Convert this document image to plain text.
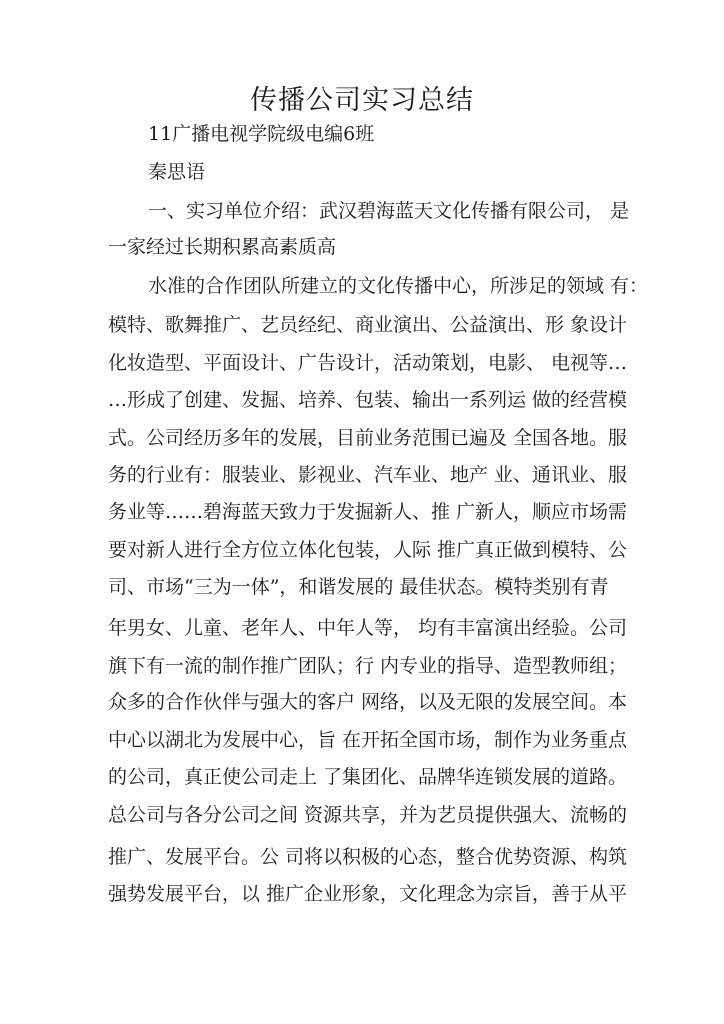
传播公司实习总结
11广播电视学院级电编6班
秦思语
一、实习单位介绍：武汉碧海蓝天文化传播有限公司， 是
一家经过长期积累高素质高
水准的合作团队所建立的文化传播中心，所涉足的领域 有：
模特、歌舞推广、艺员经纪、商业演出、公益演出、形 象设计
化妆造型、平面设计、广告设计，活动策划，电影、 电视等…
…形成了创建、发掘、培养、包装、输出一系列运 做的经营模
式。公司经历多年的发展，目前业务范围已遍及 全国各地。服
务的行业有：服装业、影视业、汽车业、地产 业、通讯业、服
务业等……碧海蓝天致力于发掘新人、推 广新人，顺应市场需
要对新人进行全方位立体化包装，人际 推广真正做到模特、公
司、市场“三为一体”，和谐发展的 最佳状态。模特类别有青
年男女、儿童、老年人、中年人等， 均有丰富演出经验。公司
旗下有一流的制作推广团队；行 内专业的指导、造型教师组；
众多的合作伙伴与强大的客户 网络，以及无限的发展空间。本
中心以湖北为发展中心，旨 在开拓全国市场，制作为业务重点
的公司，真正使公司走上 了集团化、品牌华连锁发展的道路。
总公司与各分公司之间 资源共享，并为艺员提供强大、流畅的
推广、发展平台。公 司将以积极的心态，整合优势资源、构筑
强势发展平台，以 推广企业形象，文化理念为宗旨，善于从平
